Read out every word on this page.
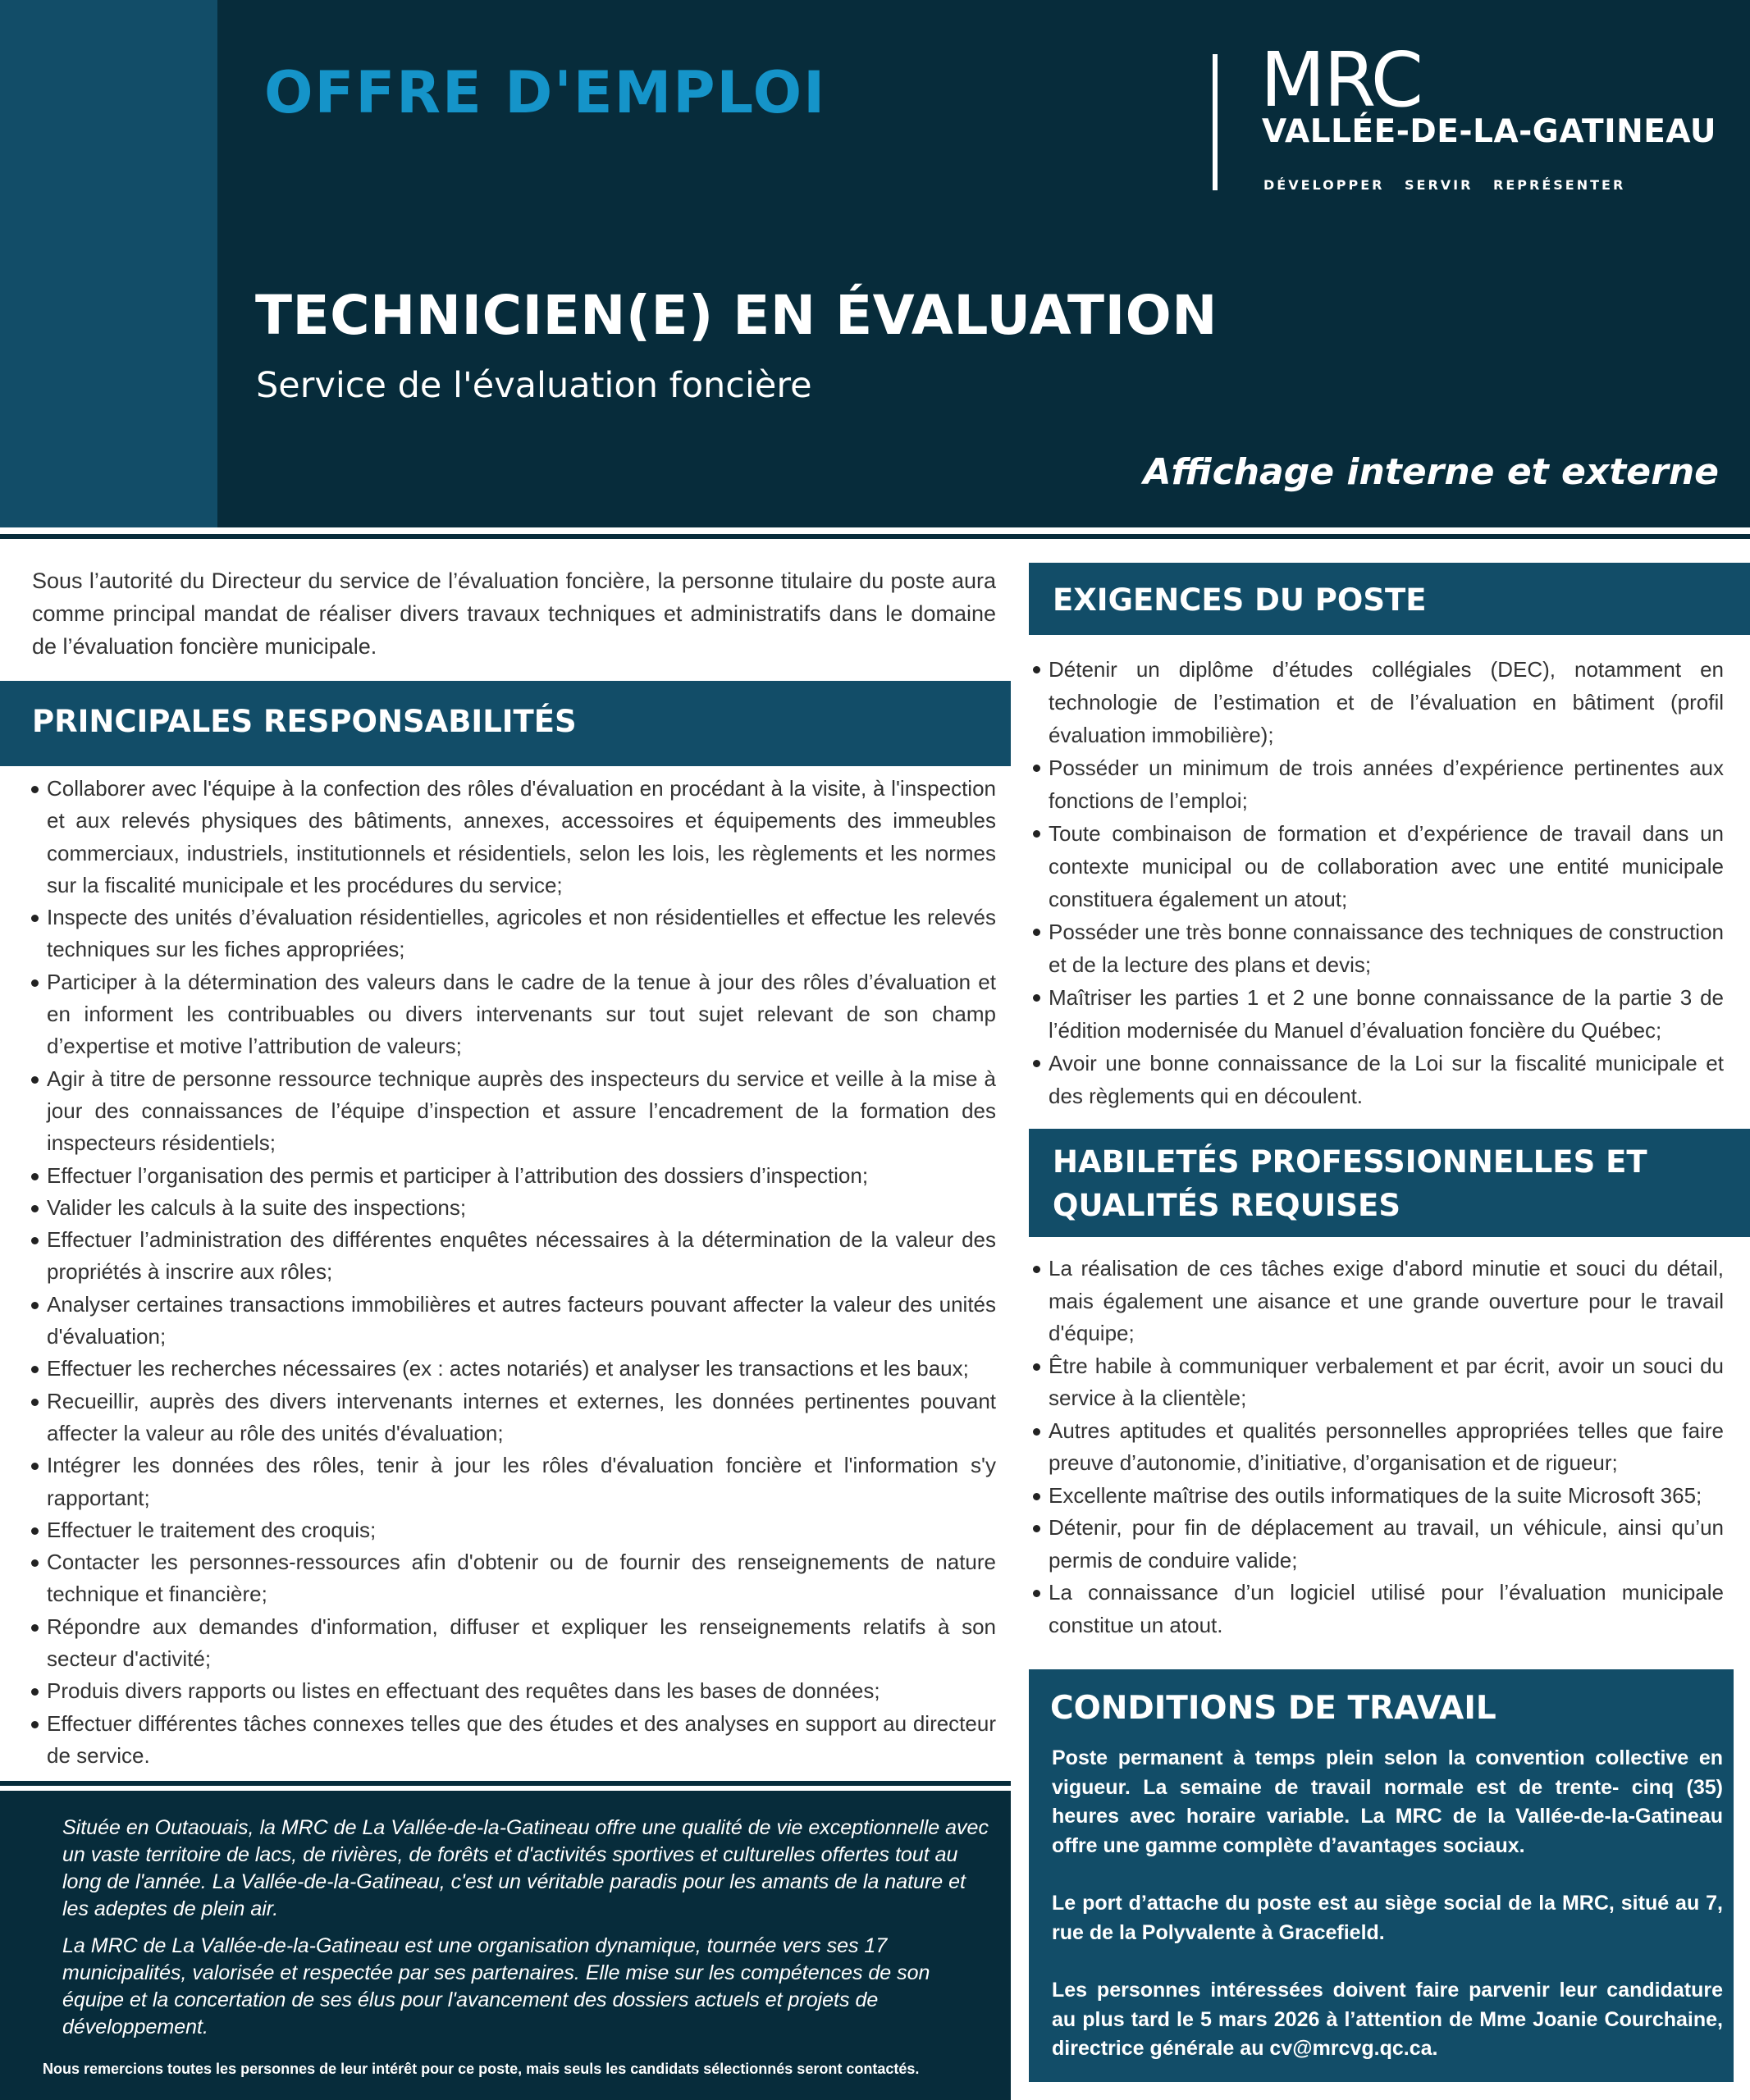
OFFRE D'EMPLOI	MRC
VALLÉE-DE-LA-GATINEAU
DÉVELOPPER SERVIR REPRÉSENTER
TECHNICIEN(E) EN ÉVALUATION
Service de l'évaluation foncière
Affichage interne et externe

Sous l’autorité du Directeur du service de l’évaluation foncière, la personne titulaire du poste aura comme principal mandat de réaliser divers travaux techniques et administratifs dans le domaine de l’évaluation foncière municipale.

PRINCIPALES RESPONSABILITÉS
Collaborer avec l'équipe à la confection des rôles d'évaluation en procédant à la visite, à l'inspection et aux relevés physiques des bâtiments, annexes, accessoires et équipements des immeubles commerciaux, industriels, institutionnels et résidentiels, selon les lois, les règlements et les normes sur la fiscalité municipale et les procédures du service;
Inspecte des unités d’évaluation résidentielles, agricoles et non résidentielles et effectue les relevés techniques sur les fiches appropriées;
Participer à la détermination des valeurs dans le cadre de la tenue à jour des rôles d’évaluation et en informent les contribuables ou divers intervenants sur tout sujet relevant de son champ d’expertise et motive l’attribution de valeurs;
Agir à titre de personne ressource technique auprès des inspecteurs du service et veille à la mise à jour des connaissances de l’équipe d’inspection et assure l’encadrement de la formation des inspecteurs résidentiels;
Effectuer l’organisation des permis et participer à l’attribution des dossiers d’inspection;
Valider les calculs à la suite des inspections;
Effectuer l’administration des différentes enquêtes nécessaires à la détermination de la valeur des propriétés à inscrire aux rôles;
Analyser certaines transactions immobilières et autres facteurs pouvant affecter la valeur des unités d'évaluation;
Effectuer les recherches nécessaires (ex : actes notariés) et analyser les transactions et les baux;
Recueillir, auprès des divers intervenants internes et externes, les données pertinentes pouvant affecter la valeur au rôle des unités d'évaluation;
Intégrer les données des rôles, tenir à jour les rôles d'évaluation foncière et l'information s'y rapportant;
Effectuer le traitement des croquis;
Contacter les personnes-ressources afin d'obtenir ou de fournir des renseignements de nature technique et financière;
Répondre aux demandes d'information, diffuser et expliquer les renseignements relatifs à son secteur d'activité;
Produis divers rapports ou listes en effectuant des requêtes dans les bases de données;
Effectuer différentes tâches connexes telles que des études et des analyses en support au directeur de service.

Située en Outaouais, la MRC de La Vallée-de-la-Gatineau offre une qualité de vie exceptionnelle avec un vaste territoire de lacs, de rivières, de forêts et d'activités sportives et culturelles offertes tout au long de l'année. La Vallée-de-la-Gatineau, c'est un véritable paradis pour les amants de la nature et les adeptes de plein air.

La MRC de La Vallée-de-la-Gatineau est une organisation dynamique, tournée vers ses 17 municipalités, valorisée et respectée par ses partenaires. Elle mise sur les compétences de son équipe et la concertation de ses élus pour l'avancement des dossiers actuels et projets de développement.

Nous remercions toutes les personnes de leur intérêt pour ce poste, mais seuls les candidats sélectionnés seront contactés.

EXIGENCES DU POSTE
Détenir un diplôme d’études collégiales (DEC), notamment en technologie de l’estimation et de l’évaluation en bâtiment (profil évaluation immobilière);
Posséder un minimum de trois années d’expérience pertinentes aux fonctions de l’emploi;
Toute combinaison de formation et d’expérience de travail dans un contexte municipal ou de collaboration avec une entité municipale constituera également un atout;
Posséder une très bonne connaissance des techniques de construction et de la lecture des plans et devis;
Maîtriser les parties 1 et 2 une bonne connaissance de la partie 3 de l’édition modernisée du Manuel d’évaluation foncière du Québec;
Avoir une bonne connaissance de la Loi sur la fiscalité municipale et des règlements qui en découlent.
HABILETÉS PROFESSIONNELLES ET
QUALITÉS REQUISES
La réalisation de ces tâches exige d'abord minutie et souci du détail, mais également une aisance et une grande ouverture pour le travail d'équipe;
Être habile à communiquer verbalement et par écrit, avoir un souci du service à la clientèle;
Autres aptitudes et qualités personnelles appropriées telles que faire preuve d’autonomie, d’initiative, d’organisation et de rigueur;
Excellente maîtrise des outils informatiques de la suite Microsoft 365;
Détenir, pour fin de déplacement au travail, un véhicule, ainsi qu’un permis de conduire valide;
La connaissance d’un logiciel utilisé pour l’évaluation municipale constitue un atout.
CONDITIONS DE TRAVAIL

Poste permanent à temps plein selon la convention collective en vigueur. La semaine de travail normale est de trente- cinq (35) heures avec horaire variable. La MRC de la Vallée-de-la-Gatineau offre une gamme complète d’avantages sociaux.

Le port d’attache du poste est au siège social de la MRC, situé au 7, rue de la Polyvalente à Gracefield.

Les personnes intéressées doivent faire parvenir leur candidature au plus tard le 5 mars 2026 à l’attention de Mme Joanie Courchaine, directrice générale au cv@mrcvg.qc.ca.
